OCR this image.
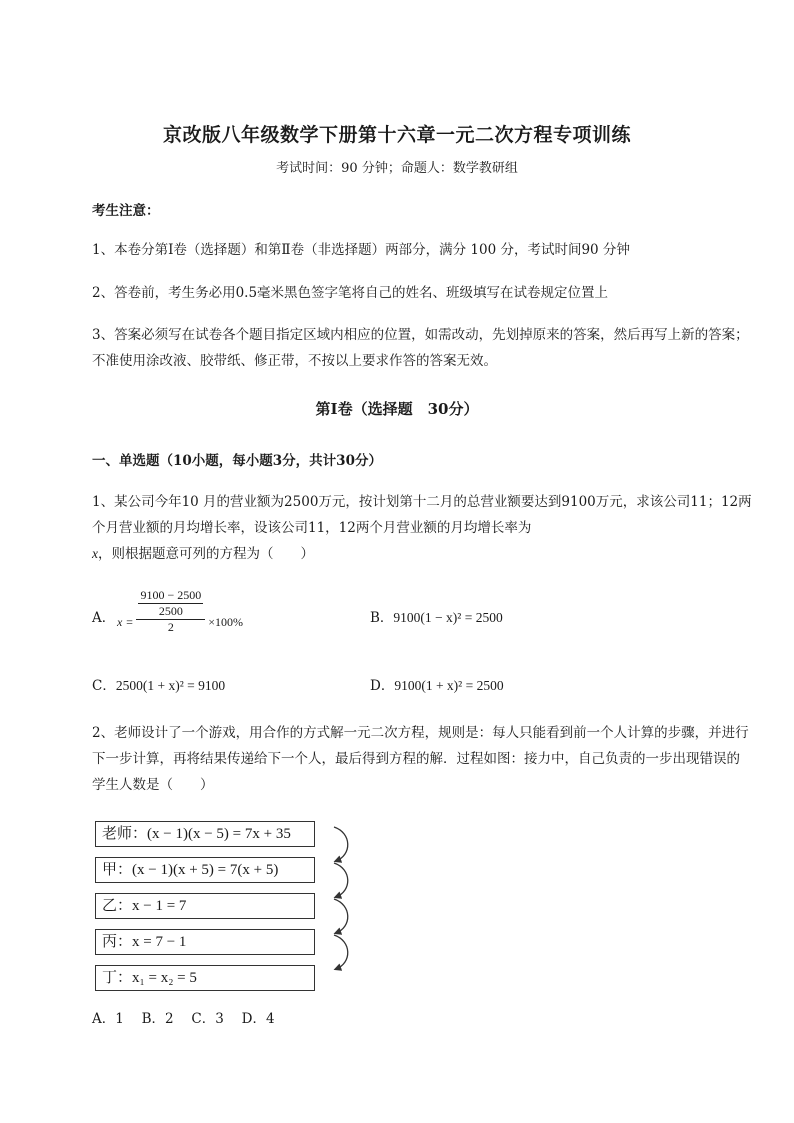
京改版八年级数学下册第十六章一元二次方程专项训练
考试时间：90 分钟；命题人：数学教研组
考生注意：
1、本卷分第Ⅰ卷（选择题）和第Ⅱ卷（非选择题）两部分，满分 100 分，考试时间90 分钟
2、答卷前，考生务必用0.5毫米黑色签字笔将自己的姓名、班级填写在试卷规定位置上
3、答案必须写在试卷各个题目指定区域内相应的位置，如需改动，先划掉原来的答案，然后再写上新的答案；不准使用涂改液、胶带纸、修正带，不按以上要求作答的答案无效。
第Ⅰ卷（选择题　30分）
一、单选题（10小题，每小题3分，共计30分）
1、某公司今年10 月的营业额为2500万元，按计划第十二月的总营业额要达到9100万元，求该公司11；12两个月营业额的月均增长率，设该公司11，12两个月营业额的月均增长率为x，则根据题意可列的方程为（　　）
A． $x = \frac{\frac{9100 - 2500}{2500}}{2} \times 100\%$	B．9100(1 − x)² = 2500
C．2500(1 + x)² = 9100	D．9100(1 + x)² = 2500
2、老师设计了一个游戏，用合作的方式解一元二次方程，规则是：每人只能看到前一个人计算的步骤，并进行下一步计算，再将结果传递给下一个人，最后得到方程的解．过程如图：接力中，自己负责的一步出现错误的学生人数是（　　）
老师：(x − 1)(x − 5) = 7x + 35
甲：(x − 1)(x + 5) = 7(x + 5)
乙：x − 1 = 7
丙：x = 7 − 1
丁：x₁ = x₂ = 5
A．1　 B．2　 C．3　 D．4
